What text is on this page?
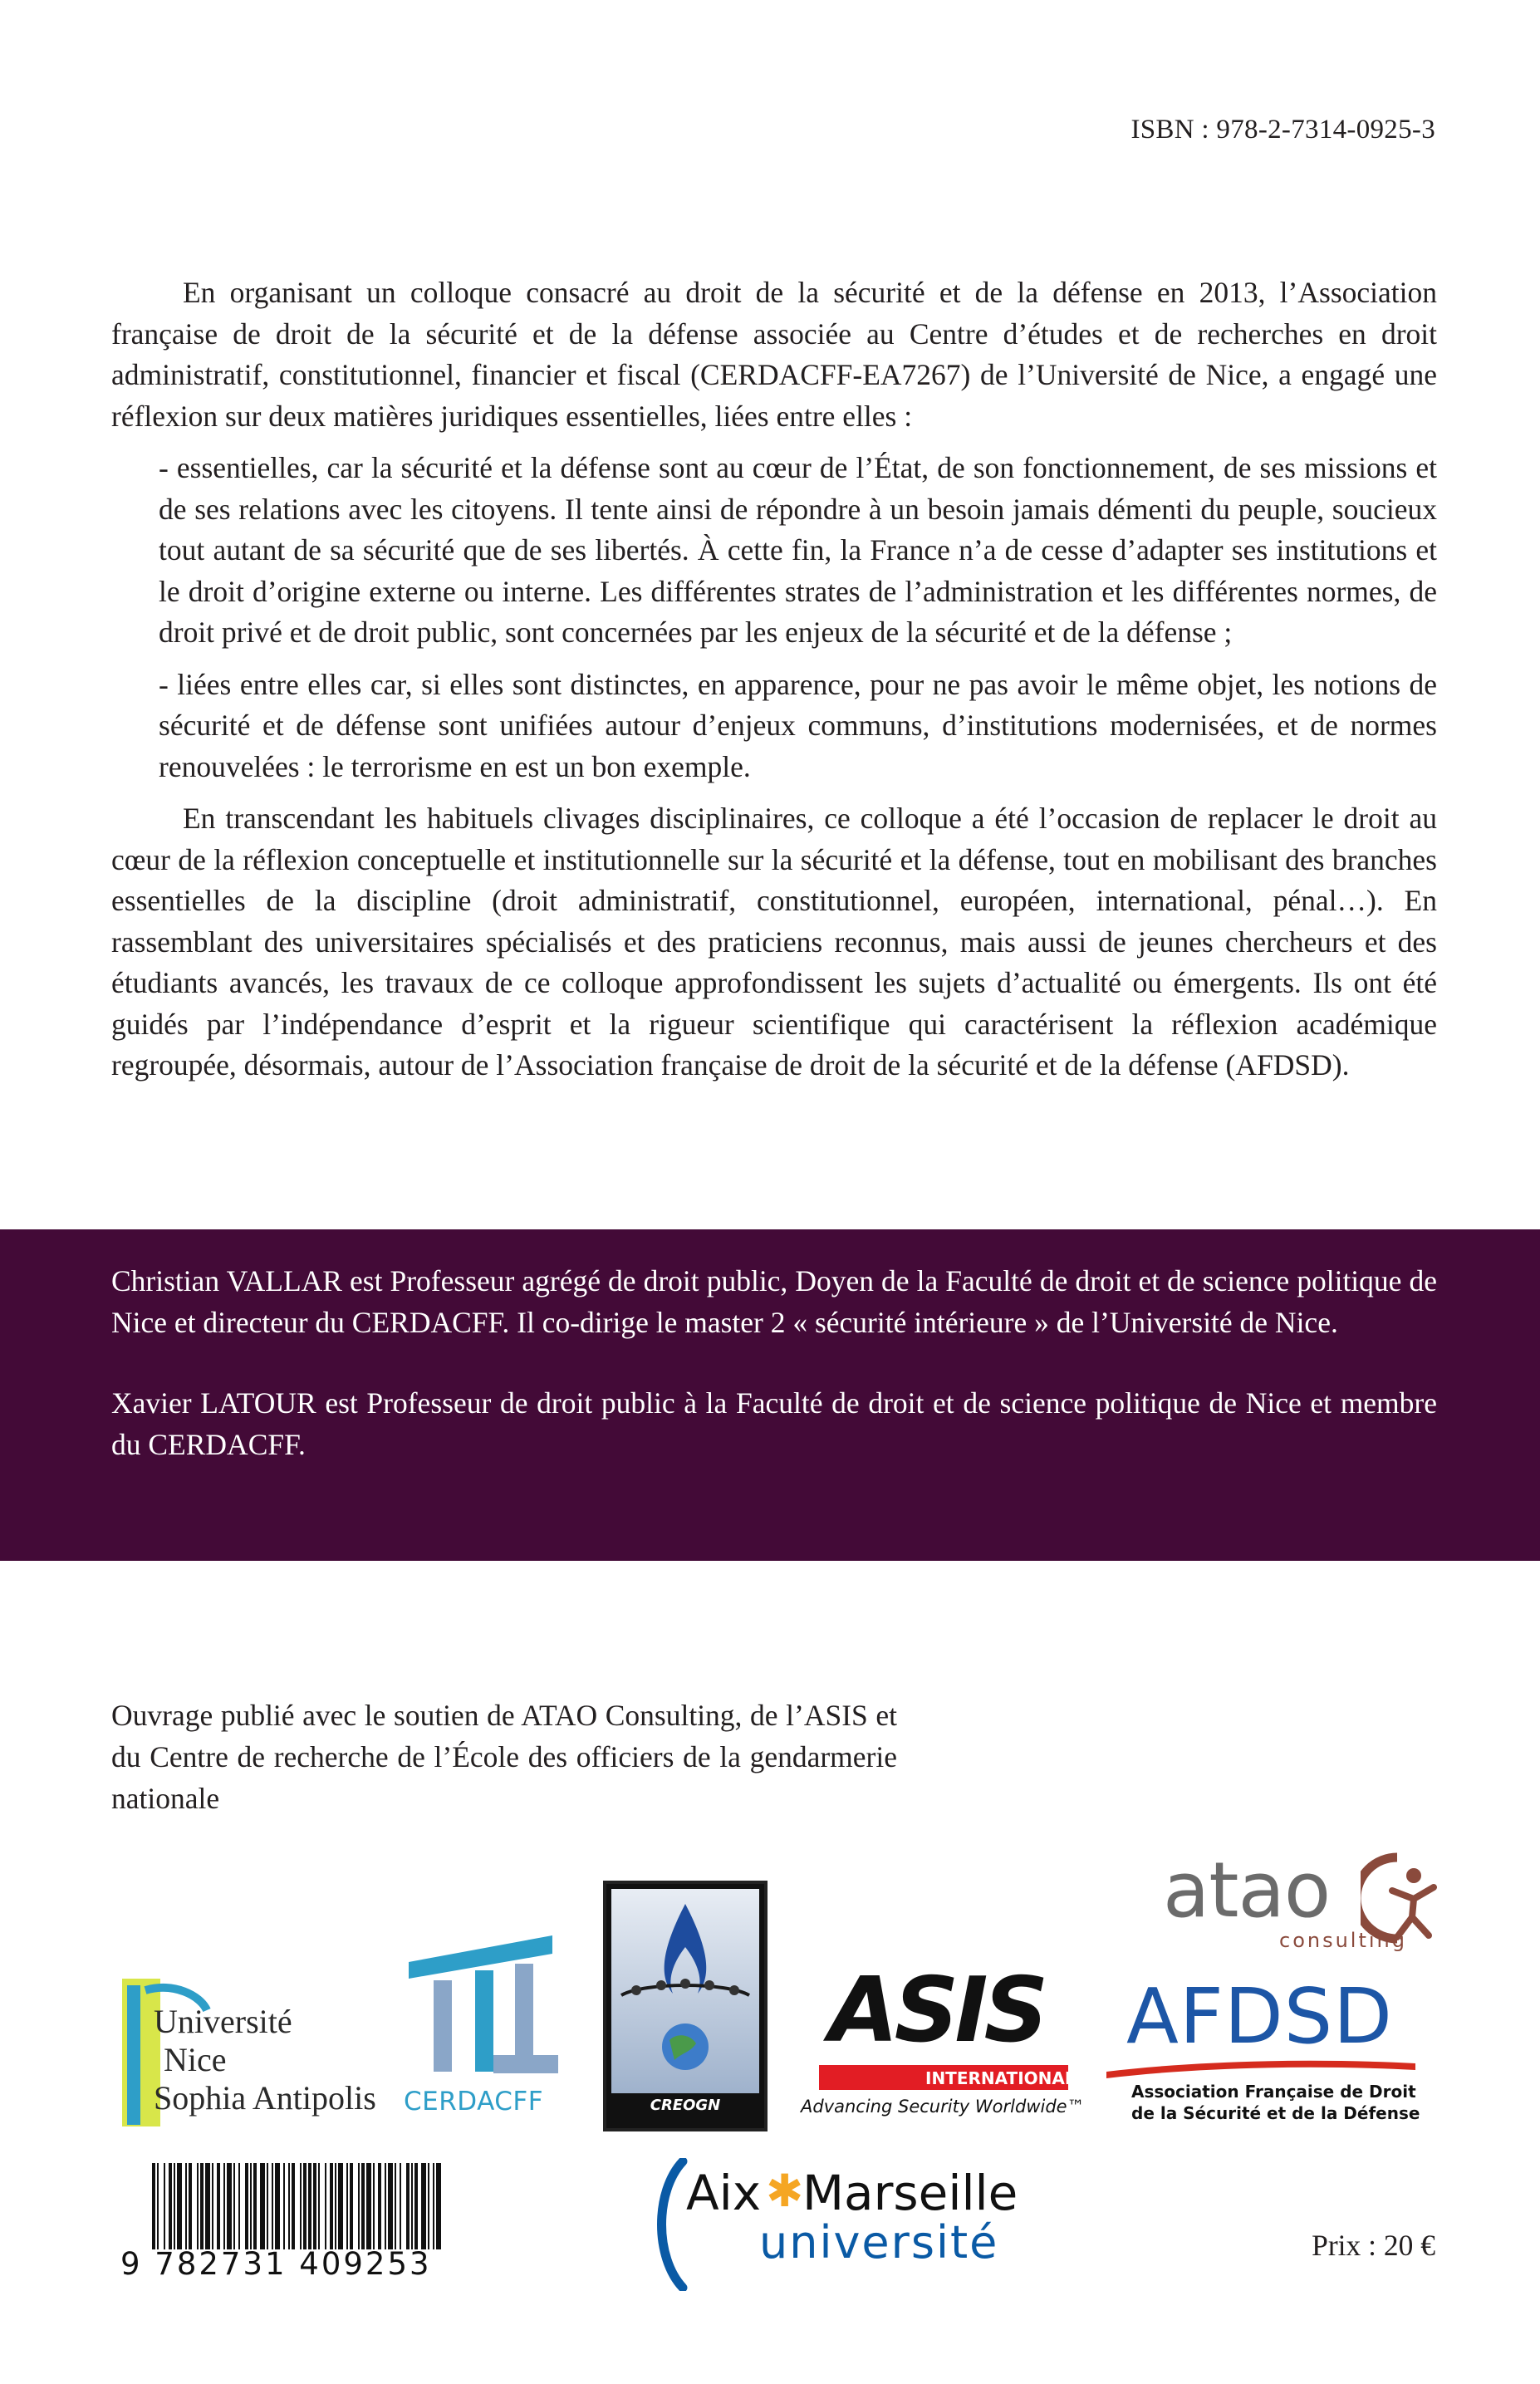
ISBN : 978-2-7314-0925-3

En organisant un colloque consacré au droit de la sécurité et de la défense en 2013, l’Association française de droit de la sécurité et de la défense associée au Centre d’études et de recherches en droit administratif, constitutionnel, financier et fiscal (CERDACFF-EA7267) de l’Université de Nice, a engagé une réflexion sur deux matières juridiques essentielles, liées entre elles :

- essentielles, car la sécurité et la défense sont au cœur de l’État, de son fonctionnement, de ses missions et de ses relations avec les citoyens. Il tente ainsi de répondre à un besoin jamais démenti du peuple, soucieux tout autant de sa sécurité que de ses libertés. À cette fin, la France n’a de cesse d’adapter ses institutions et le droit d’origine externe ou interne. Les différentes strates de l’administration et les différentes normes, de droit privé et de droit public, sont concernées par les enjeux de la sécurité et de la défense ;

- liées entre elles car, si elles sont distinctes, en apparence, pour ne pas avoir le même objet, les notions de sécurité et de défense sont unifiées autour d’enjeux communs, d’institutions modernisées, et de normes renouvelées : le terrorisme en est un bon exemple.

En transcendant les habituels clivages disciplinaires, ce colloque a été l’occasion de replacer le droit au cœur de la réflexion conceptuelle et institutionnelle sur la sécurité et la défense, tout en mobilisant des branches essentielles de la discipline (droit administratif, constitutionnel, européen, international, pénal…). En rassemblant des universitaires spécialisés et des praticiens reconnus, mais aussi de jeunes chercheurs et des étudiants avancés, les travaux de ce colloque approfondissent les sujets d’actualité ou émergents. Ils ont été guidés par l’indépendance d’esprit et la rigueur scientifique qui caractérisent la réflexion académique regroupée, désormais, autour de l’Association française de droit de la sécurité et de la défense (AFDSD).

Christian VALLAR est Professeur agrégé de droit public, Doyen de la Faculté de droit et de science politique de Nice et directeur du CERDACFF. Il co-dirige le master 2 « sécurité intérieure » de l’Université de Nice.

Xavier LATOUR est Professeur de droit public à la Faculté de droit et de science politique de Nice et membre du CERDACFF.

Ouvrage publié avec le soutien de ATAO Consulting, de l’ASIS et du Centre de recherche de l’École des officiers de la gendarmerie nationale
atao
consulting
Université
Nice
Sophia Antipolis CERDACFF	CREOGN
ASIS
INTERNATIONAL
Advancing Security Worldwide™
AFDSD
Association Française de Droit
de la Sécurité et de la Défense
9 782731 409253
Aix ✱
Marseille
université	Prix : 20 €
